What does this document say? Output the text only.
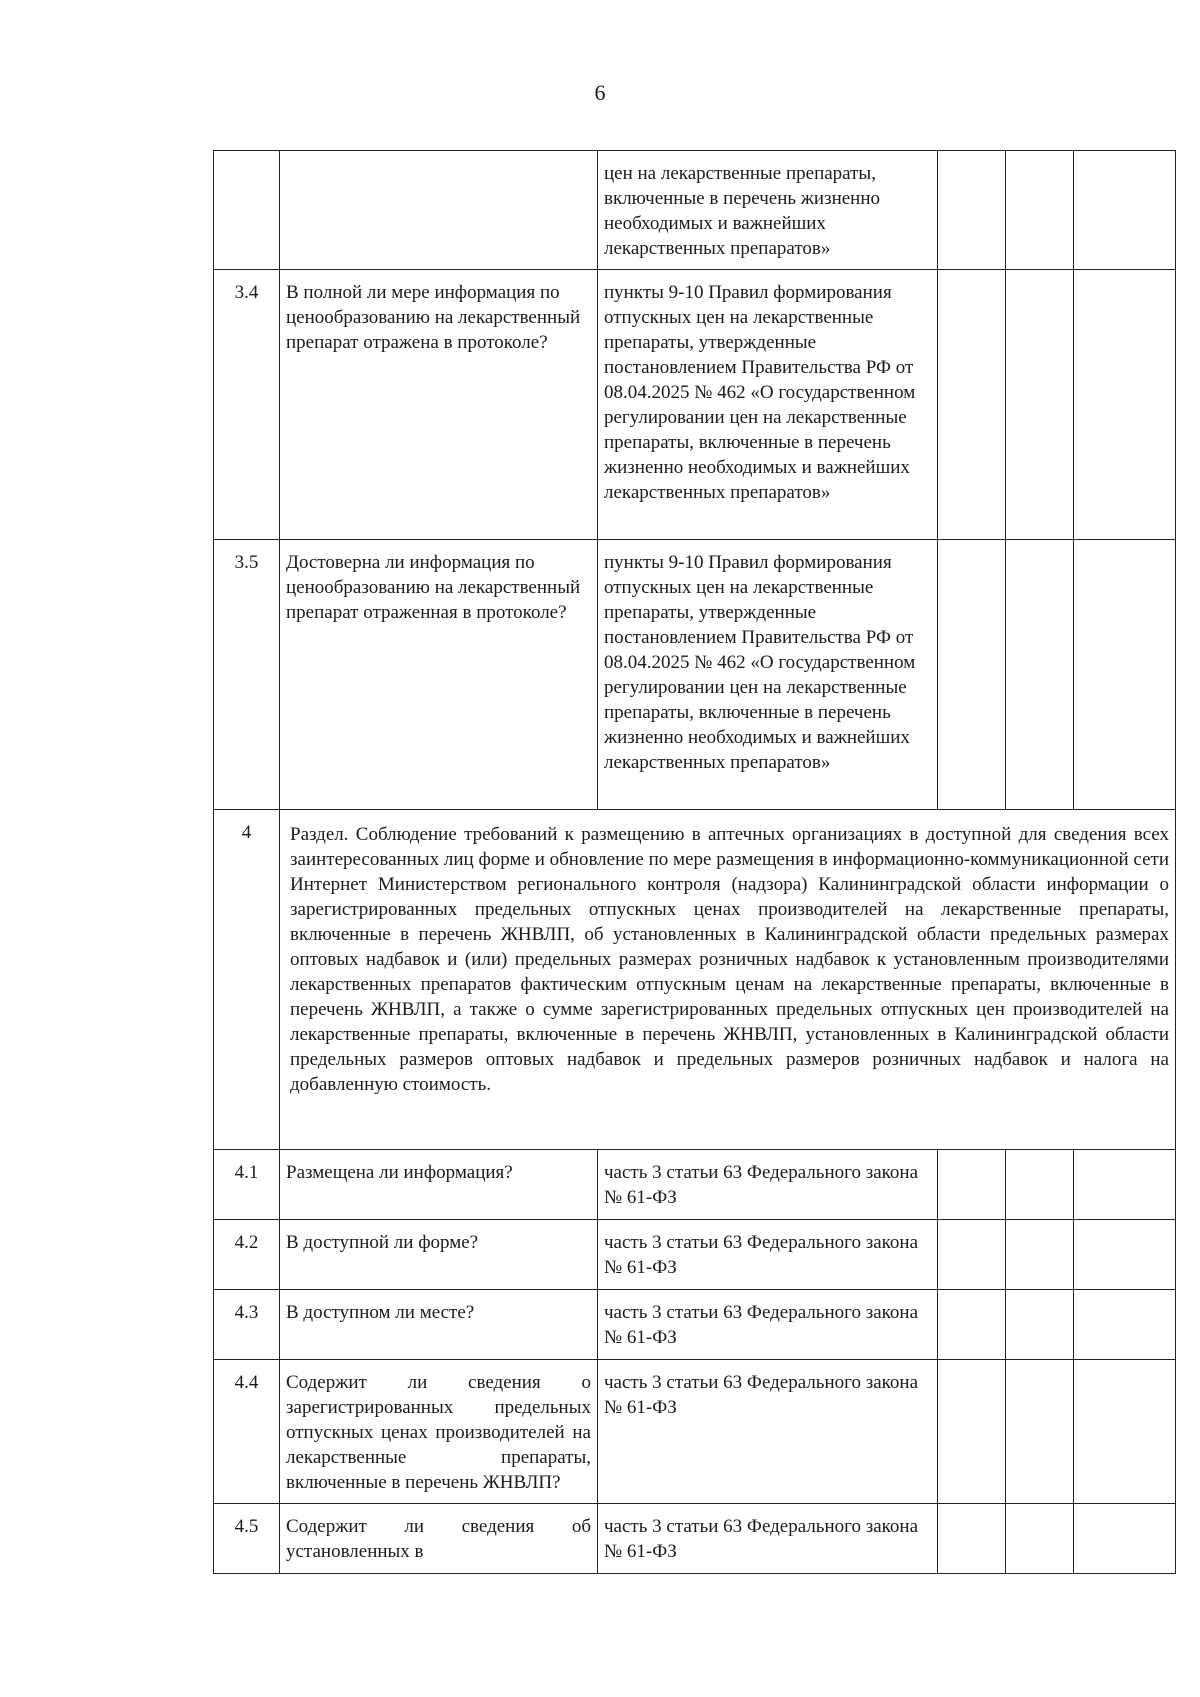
6
		цен на лекарственные препараты, включенные в перечень жизненно необходимых и важнейших лекарственных препаратов»			
3.4	В полной ли мере информация по ценообразованию на лекарственный препарат отражена в протоколе?	пункты 9-10 Правил формирования отпускных цен на лекарственные препараты, утвержденные постановлением Правительства РФ от 08.04.2025 № 462 «О государственном регулировании цен на лекарственные препараты, включенные в перечень жизненно необходимых и важнейших лекарственных препаратов»			
3.5	Достоверна ли информация по ценообразованию на лекарственный препарат отраженная в протоколе?	пункты 9-10 Правил формирования отпускных цен на лекарственные препараты, утвержденные постановлением Правительства РФ от 08.04.2025 № 462 «О государственном регулировании цен на лекарственные препараты, включенные в перечень жизненно необходимых и важнейших лекарственных препаратов»			
4	Раздел. Соблюдение требований к размещению в аптечных организациях в доступной для сведения всех заинтересованных лиц форме и обновление по мере размещения в информационно-коммуникационной сети Интернет Министерством регионального контроля (надзора) Калининградской области информации о зарегистрированных предельных отпускных ценах производителей на лекарственные препараты, включенные в перечень ЖНВЛП, об установленных в Калининградской области предельных размерах оптовых надбавок и (или) предельных размерах розничных надбавок к установленным производителями лекарственных препаратов фактическим отпускным ценам на лекарственные препараты, включенные в перечень ЖНВЛП, а также о сумме зарегистрированных предельных отпускных цен производителей на лекарственные препараты, включенные в перечень ЖНВЛП, установленных в Калининградской области предельных размеров оптовых надбавок и предельных размеров розничных надбавок и налога на добавленную стоимость.				
4.1	Размещена ли информация?	часть 3 статьи 63 Федерального закона № 61-ФЗ			
4.2	В доступной ли форме?	часть 3 статьи 63 Федерального закона № 61-ФЗ			
4.3	В доступном ли месте?	часть 3 статьи 63 Федерального закона № 61-ФЗ			
4.4	Содержит ли сведения о зарегистрированных предельных отпускных ценах производителей на лекарственные препараты, включенные в перечень ЖНВЛП?	часть 3 статьи 63 Федерального закона № 61-ФЗ			
4.5	Содержит ли сведения об установленных в	часть 3 статьи 63 Федерального закона № 61-ФЗ			
